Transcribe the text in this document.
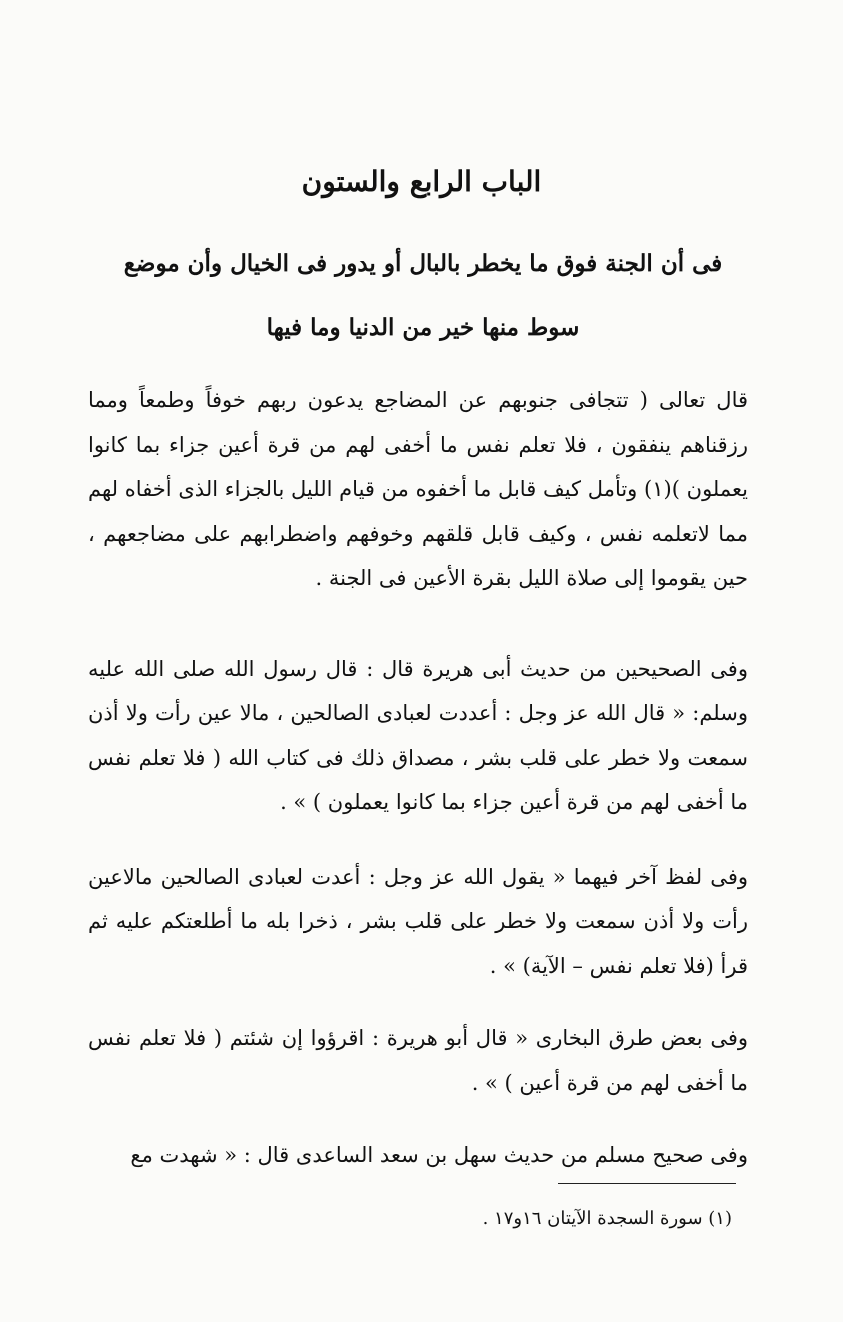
الباب الرابع والستون
فى أن الجنة فوق ما يخطر بالبال أو يدور فى الخيال وأن موضع سوط منها خير من الدنيا وما فيها

قال تعالى ( تتجافى جنوبهم عن المضاجع يدعون ربهم خوفاً وطمعاً ومما رزقناهم ينفقون ، فلا تعلم نفس ما أخفى لهم من قرة أعين جزاء بما كانوا يعملون )(١) وتأمل كيف قابل ما أخفوه من قيام الليل بالجزاء الذى أخفاه لهم مما لاتعلمه نفس ، وكيف قابل قلقهم وخوفهم واضطرابهم على مضاجعهم ، حين يقوموا إلى صلاة الليل بقرة الأعين فى الجنة .

وفى الصحيحين من حديث أبى هريرة قال : قال رسول الله صلى الله عليه وسلم: « قال الله عز وجل : أعددت لعبادى الصالحين ، مالا عين رأت ولا أذن سمعت ولا خطر على قلب بشر ، مصداق ذلك فى كتاب الله ( فلا تعلم نفس ما أخفى لهم من قرة أعين جزاء بما كانوا يعملون ) » .

وفى لفظ آخر فيهما « يقول الله عز وجل : أعدت لعبادى الصالحين مالاعين رأت ولا أذن سمعت ولا خطر على قلب بشر ، ذخرا بله ما أطلعتكم عليه ثم قرأ (فلا تعلم نفس – الآية) » .

وفى بعض طرق البخارى « قال أبو هريرة : اقرؤوا إن شئتم ( فلا تعلم نفس ما أخفى لهم من قرة أعين ) » .

وفى صحيح مسلم من حديث سهل بن سعد الساعدى قال : « شهدت مع

(١) سورة السجدة الآيتان ١٦و١٧ .
